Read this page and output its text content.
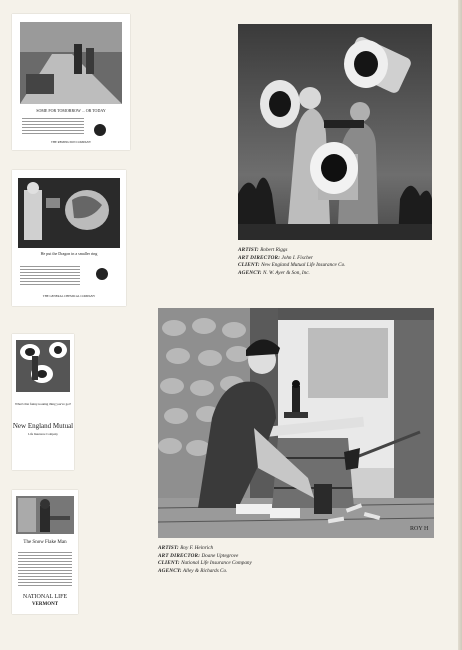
SOME FOR TOMORROW ... OR TODAY
THE REMINGTON COMPANY
He put the Dragon in a smaller ring
THE GENERAL CHEMICAL COMPANY
What's that funny-looking thing you've got?
New England Mutual
Life Insurance Company
The Snow Flake Man
NATIONAL LIFE
VERMONT
ARTIST: Robert Riggs
ART DIRECTOR: John I. Fischer
CLIENT: New England Mutual Life Insurance Co.
AGENCY: N. W. Ayer & Son, Inc.
ROY H
ARTIST: Roy F. Heinrich
ART DIRECTOR: Doane Uptegrove
CLIENT: National Life Insurance Company
AGENCY: Alley & Richards Co.
